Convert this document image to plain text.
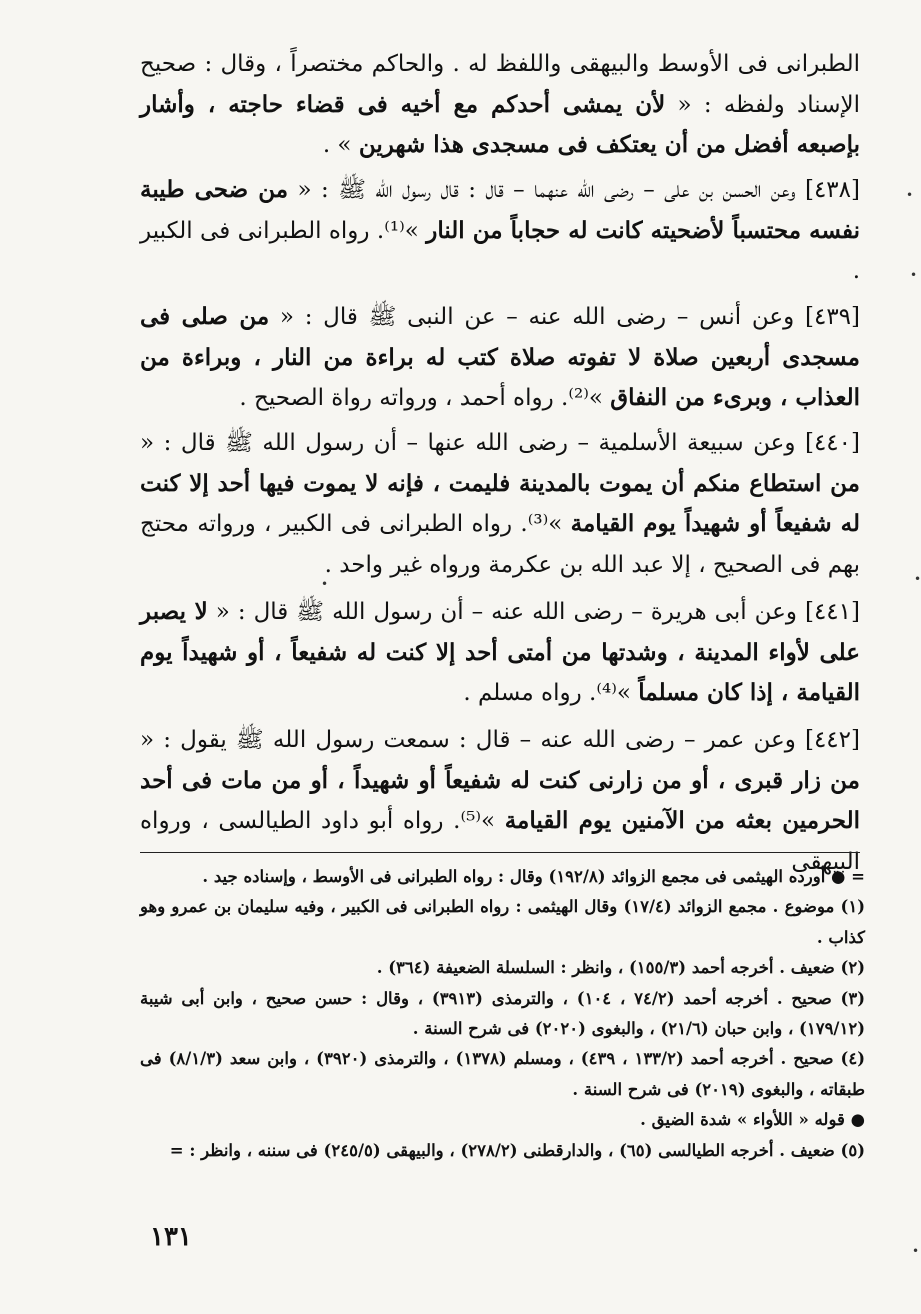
الطبرانى فى الأوسط والبيهقى واللفظ له . والحاكم مختصراً ، وقال : صحيح الإسناد ولفظه : « لأن يمشى أحدكم مع أخيه فى قضاء حاجته ، وأشار بإصبعه أفضل من أن يعتكف فى مسجدى هذا شهرين » .

[٤٣٨] وعن الحسن بن على – رضى الله عنهما – قال : قال رسول الله ﷺ : « من ضحى طيبة نفسه محتسباً لأضحيته كانت له حجاباً من النار »⁽¹⁾. رواه الطبرانى فى الكبير .

[٤٣٩] وعن أنس – رضى الله عنه – عن النبى ﷺ قال : « من صلى فى مسجدى أربعين صلاة لا تفوته صلاة كتب له براءة من النار ، وبراءة من العذاب ، وبرىء من النفاق »⁽²⁾. رواه أحمد ، ورواته رواة الصحيح .

[٤٤٠] وعن سبيعة الأسلمية – رضى الله عنها – أن رسول الله ﷺ قال : « من استطاع منكم أن يموت بالمدينة فليمت ، فإنه لا يموت فيها أحد إلا كنت له شفيعاً أو شهيداً يوم القيامة »⁽³⁾. رواه الطبرانى فى الكبير ، ورواته محتج بهم فى الصحيح ، إلا عبد الله بن عكرمة ورواه غير واحد .

[٤٤١] وعن أبى هريرة – رضى الله عنه – أن رسول الله ﷺ قال : « لا يصبر على لأواء المدينة ، وشدتها من أمتى أحد إلا كنت له شفيعاً ، أو شهيداً يوم القيامة ، إذا كان مسلماً »⁽⁴⁾. رواه مسلم .

[٤٤٢] وعن عمر – رضى الله عنه – قال : سمعت رسول الله ﷺ يقول : « من زار قبرى ، أو من زارنى كنت له شفيعاً أو شهيداً ، أو من مات فى أحد الحرمين بعثه من الآمنين يوم القيامة »⁽⁵⁾. رواه أبو داود الطيالسى ، ورواه البيهقى

= ● أورده الهيثمى فى مجمع الزوائد (١٩٢/٨) وقال : رواه الطبرانى فى الأوسط ، وإسناده جيد .

(١) موضوع . مجمع الزوائد (١٧/٤) وقال الهيثمى : رواه الطبرانى فى الكبير ، وفيه سليمان بن عمرو وهو كذاب .

(٢) ضعيف . أخرجه أحمد (١٥٥/٣) ، وانظر : السلسلة الضعيفة (٣٦٤) .

(٣) صحيح . أخرجه أحمد (٧٤/٢ ، ١٠٤) ، والترمذى (٣٩١٣) ، وقال : حسن صحيح ، وابن أبى شيبة (١٧٩/١٢) ، وابن حبان (٢١/٦) ، والبغوى (٢٠٢٠) فى شرح السنة .

(٤) صحيح . أخرجه أحمد (١٣٣/٢ ، ٤٣٩) ، ومسلم (١٣٧٨) ، والترمذى (٣٩٢٠) ، وابن سعد (٨/١/٣) فى طبقاته ، والبغوى (٢٠١٩) فى شرح السنة .

● قوله « اللأواء » شدة الضيق .

(٥) ضعيف . أخرجه الطيالسى (٦٥) ، والدارقطنى (٢٧٨/٢) ، والبيهقى (٢٤٥/٥) فى سننه ، وانظر : =

١٣١
•
•
•
•
•
